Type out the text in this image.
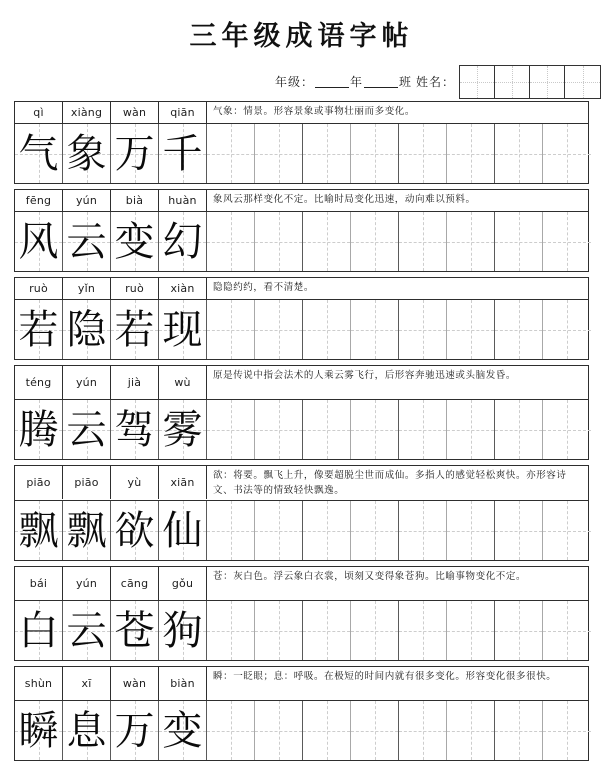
三年级成语字帖
年级：	年	班 姓名：
qì	xiàng	wàn	qiān	气象：情景。形容景象或事物壮丽而多变化。
气 象 万 千
fēng	yún	bià	huàn	象风云那样变化不定。比喻时局变化迅速，动向难以预料。
风 云 变 幻
ruò	yǐn	ruò	xiàn	隐隐约约，看不清楚。
若 隐 若 现
téng	yún	jià	wù	原是传说中指会法术的人乘云雾飞行，后形容奔驰迅速或头脑发昏。
腾 云 驾 雾
piāo	piāo	yù	xiān	欲：将要。飘飞上升，像要超脱尘世而成仙。多指人的感觉轻松爽快。亦形容诗文、书法等的情致轻快飘逸。
飘 飘 欲 仙
bái	yún	cāng	gǒu	苍：灰白色。浮云象白衣裳，顷刻又变得象苍狗。比喻事物变化不定。
白 云 苍 狗
shùn	xī	wàn	biàn	瞬：一眨眼；息：呼吸。在极短的时间内就有很多变化。形容变化很多很快。
瞬 息 万 变
